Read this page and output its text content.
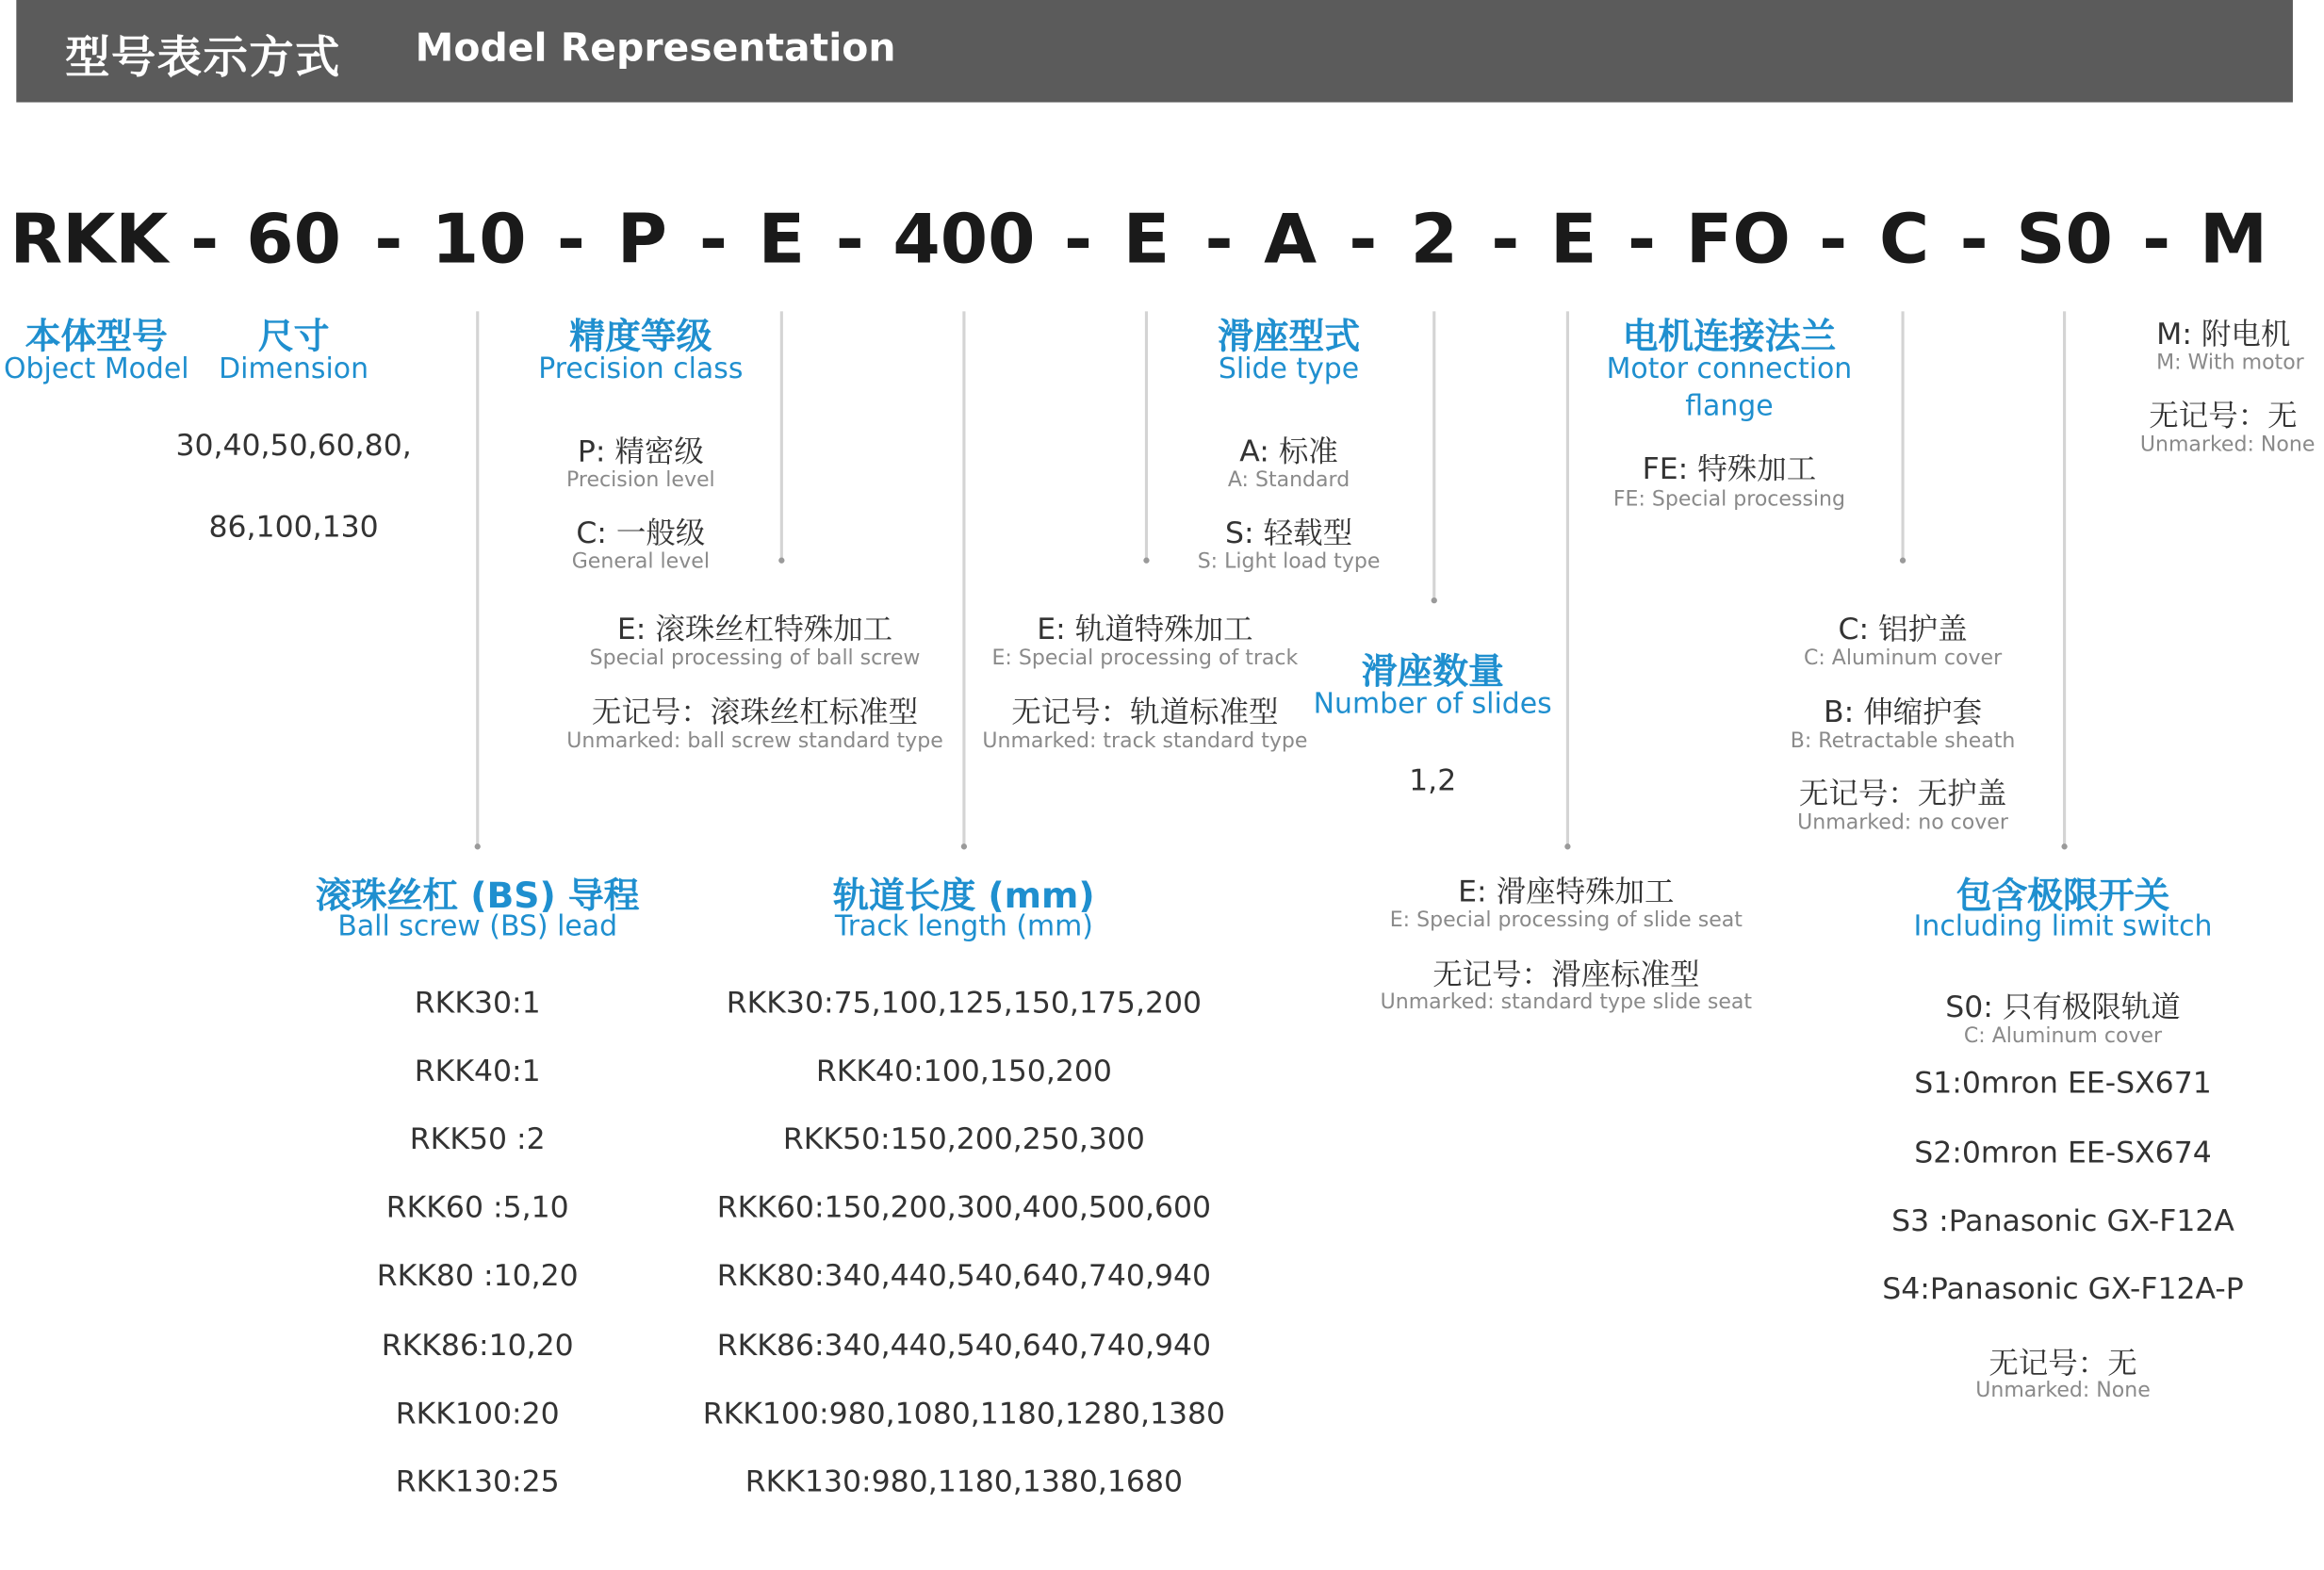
型号表示方式	Model Representation
RKK - 60 - 10 - P - E - 400 - E - A - 2 - E - FO - C - S0 - M
本体型号
Object Model
尺寸
Dimension
30,40,50,60,80,
86,100,130
精度等级
Precision class
P: 精密级
Precision level
C: 一般级
General level
E: 滚珠丝杠特殊加工
Special processing of ball screw
无记号：滚珠丝杠标准型
Unmarked: ball screw standard type
E: 轨道特殊加工
E: Special processing of track
无记号：轨道标准型
Unmarked: track standard type
滑座型式
Slide type
A: 标准
A: Standard
S: 轻载型
S: Light load type
滑座数量
Number of slides
1,2
电机连接法兰
Motor connection
flange
FE: 特殊加工
FE: Special processing
M: 附电机
M: With motor
无记号：无
Unmarked: None
C: 铝护盖
C: Aluminum cover
B: 伸缩护套
B: Retractable sheath
无记号：无护盖
Unmarked: no cover
E: 滑座特殊加工
E: Special processing of slide seat
无记号：滑座标准型
Unmarked: standard type slide seat
滚珠丝杠 (BS) 导程
Ball screw (BS) lead
RKK30:1
RKK40:1
RKK50 :2
RKK60 :5,10
RKK80 :10,20
RKK86:10,20
RKK100:20
RKK130:25
轨道长度 (mm)
Track length (mm)
RKK30:75,100,125,150,175,200
RKK40:100,150,200
RKK50:150,200,250,300
RKK60:150,200,300,400,500,600
RKK80:340,440,540,640,740,940
RKK86:340,440,540,640,740,940
RKK100:980,1080,1180,1280,1380
RKK130:980,1180,1380,1680
包含极限开关
Including limit switch
S0: 只有极限轨道
C: Aluminum cover
S1:0mron EE-SX671
S2:0mron EE-SX674
S3 :Panasonic GX-F12A
S4:Panasonic GX-F12A-P
无记号：无
Unmarked: None
